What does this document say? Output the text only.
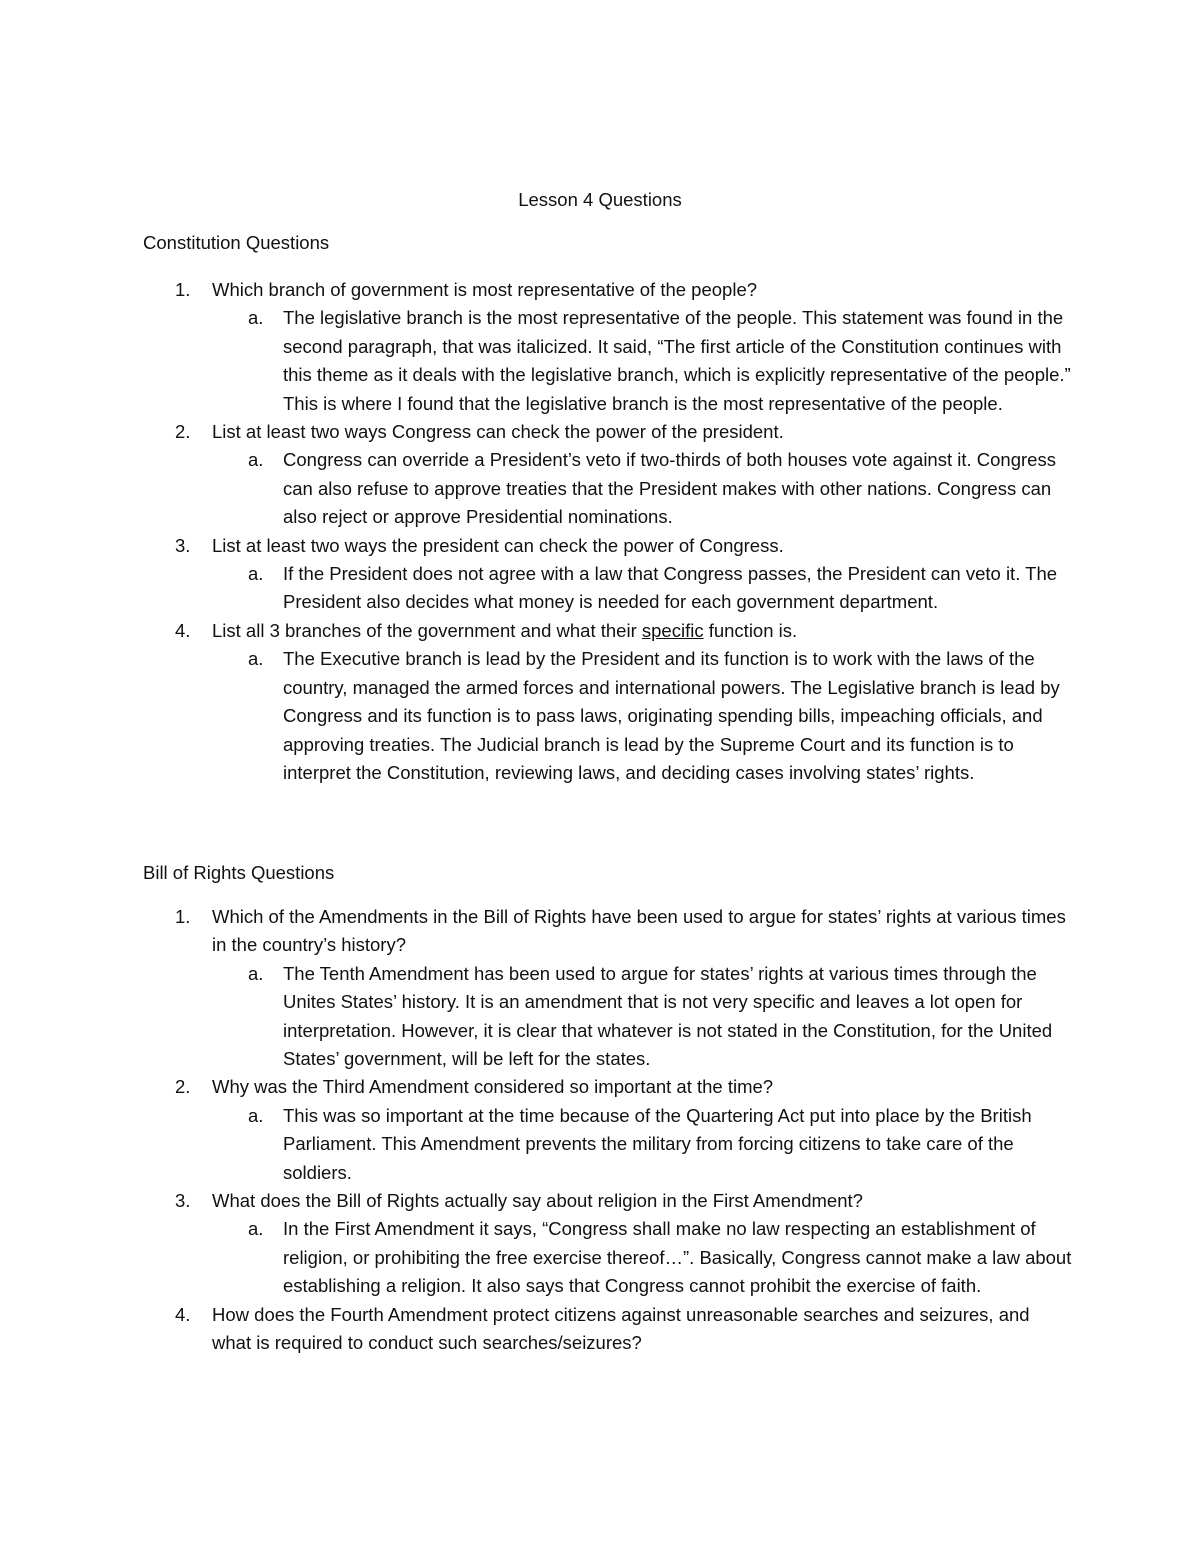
Lesson 4 Questions
Constitution Questions
1. Which branch of government is most representative of the people?
a. The legislative branch is the most representative of the people. This statement was found in the second paragraph, that was italicized. It said, “The first article of the Constitution continues with this theme as it deals with the legislative branch, which is explicitly representative of the people.” This is where I found that the legislative branch is the most representative of the people.
2. List at least two ways Congress can check the power of the president.
a. Congress can override a President’s veto if two-thirds of both houses vote against it. Congress can also refuse to approve treaties that the President makes with other nations. Congress can also reject or approve Presidential nominations.
3. List at least two ways the president can check the power of Congress.
a. If the President does not agree with a law that Congress passes, the President can veto it. The President also decides what money is needed for each government department.
4. List all 3 branches of the government and what their specific function is.
a. The Executive branch is lead by the President and its function is to work with the laws of the country, managed the armed forces and international powers. The Legislative branch is lead by Congress and its function is to pass laws, originating spending bills, impeaching officials, and approving treaties. The Judicial branch is lead by the Supreme Court and its function is to interpret the Constitution, reviewing laws, and deciding cases involving states’ rights.
Bill of Rights Questions
1. Which of the Amendments in the Bill of Rights have been used to argue for states’ rights at various times in the country’s history?
a. The Tenth Amendment has been used to argue for states’ rights at various times through the Unites States’ history. It is an amendment that is not very specific and leaves a lot open for interpretation. However, it is clear that whatever is not stated in the Constitution, for the United States’ government, will be left for the states.
2. Why was the Third Amendment considered so important at the time?
a. This was so important at the time because of the Quartering Act put into place by the British Parliament. This Amendment prevents the military from forcing citizens to take care of the soldiers.
3. What does the Bill of Rights actually say about religion in the First Amendment?
a. In the First Amendment it says, “Congress shall make no law respecting an establishment of religion, or prohibiting the free exercise thereof…”. Basically, Congress cannot make a law about establishing a religion. It also says that Congress cannot prohibit the exercise of faith.
4. How does the Fourth Amendment protect citizens against unreasonable searches and seizures, and what is required to conduct such searches/seizures?
